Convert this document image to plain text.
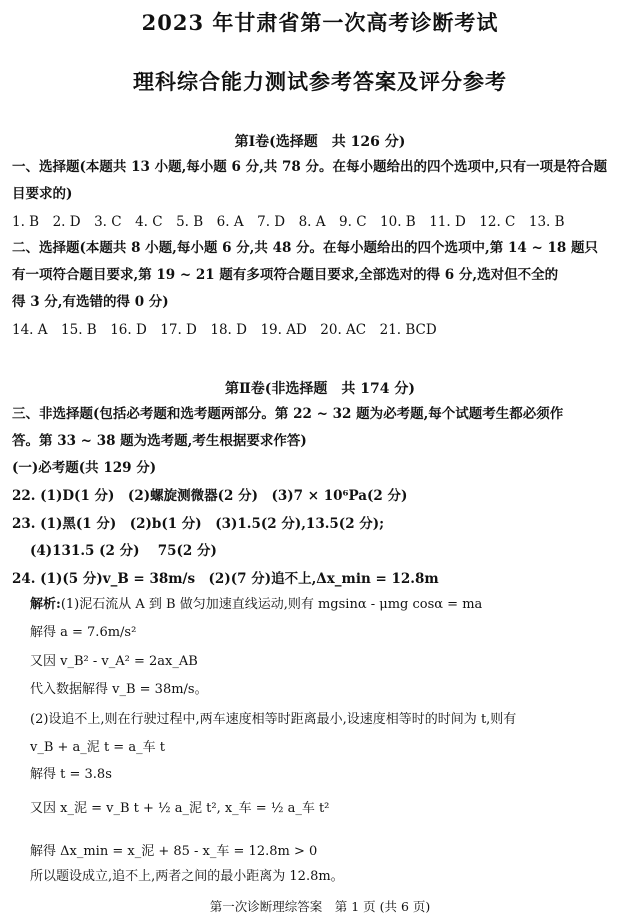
2023 年甘肃省第一次高考诊断考试
理科综合能力测试参考答案及评分参考
第Ⅰ卷(选择题　共 126 分)
一、选择题(本题共 13 小题,每小题 6 分,共 78 分。在每小题给出的四个选项中,只有一项是符合题
目要求的)
1. B　2. D　3. C　4. C　5. B　6. A　7. D　8. A　9. C　10. B　11. D　12. C　13. B
二、选择题(本题共 8 小题,每小题 6 分,共 48 分。在每小题给出的四个选项中,第 14 ~ 18 题只
有一项符合题目要求,第 19 ~ 21 题有多项符合题目要求,全部选对的得 6 分,选对但不全的
得 3 分,有选错的得 0 分)
14. A　15. B　16. D　17. D　18. D　19. AD　20. AC　21. BCD
第Ⅱ卷(非选择题　共 174 分)
三、非选择题(包括必考题和选考题两部分。第 22 ~ 32 题为必考题,每个试题考生都必须作
答。第 33 ~ 38 题为选考题,考生根据要求作答)
(一)必考题(共 129 分)
22. (1)D(1 分)　(2)螺旋测微器(2 分)　(3)7 × 10⁶Pa(2 分)
23. (1)黑(1 分)　(2)b(1 分)　(3)1.5(2 分),13.5(2 分);
(4)131.5 (2 分)　 75(2 分)
24. (1)(5 分)v_B = 38m/s　(2)(7 分)追不上,Δx_min = 12.8m
解析:(1)泥石流从 A 到 B 做匀加速直线运动,则有 mgsinα - μmg cosα = ma
解得 a = 7.6m/s²
又因 v_B² - v_A² = 2ax_AB
代入数据解得 v_B = 38m/s。
(2)设追不上,则在行驶过程中,两车速度相等时距离最小,设速度相等时的时间为 t,则有
v_B + a_泥 t = a_车 t
解得 t = 3.8s
又因 x_泥 = v_B t + ½ a_泥 t², x_车 = ½ a_车 t²
解得 Δx_min = x_泥 + 85 - x_车 = 12.8m > 0
所以题设成立,追不上,两者之间的最小距离为 12.8m。
第一次诊断理综答案　第 1 页 (共 6 页)
